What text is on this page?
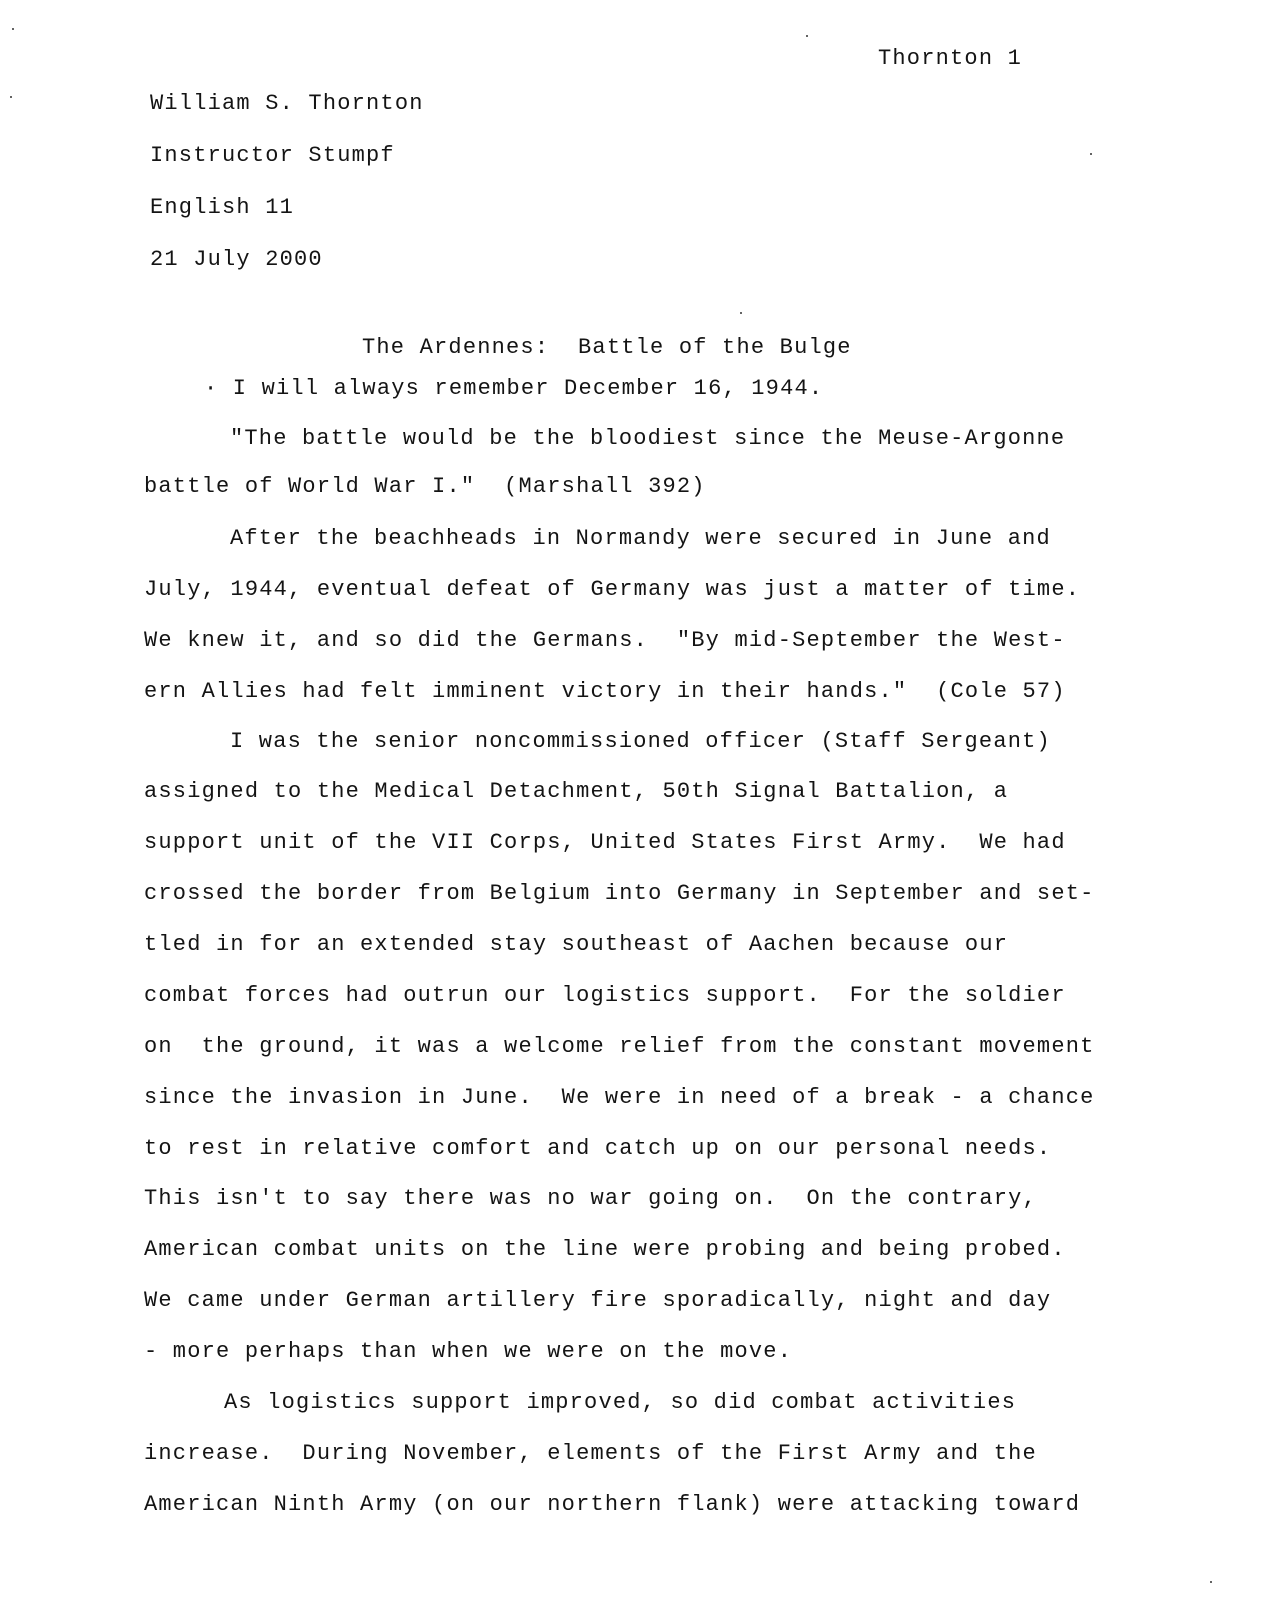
Thornton 1
William S. Thornton
Instructor Stumpf
English 11
21 July 2000
The Ardennes:  Battle of the Bulge
· I will always remember December 16, 1944.
"The battle would be the bloodiest since the Meuse-Argonne
battle of World War I."  (Marshall 392)
After the beachheads in Normandy were secured in June and
July, 1944, eventual defeat of Germany was just a matter of time.
We knew it, and so did the Germans.  "By mid-September the West-
ern Allies had felt imminent victory in their hands."  (Cole 57)
I was the senior noncommissioned officer (Staff Sergeant)
assigned to the Medical Detachment, 50th Signal Battalion, a
support unit of the VII Corps, United States First Army.  We had
crossed the border from Belgium into Germany in September and set-
tled in for an extended stay southeast of Aachen because our
combat forces had outrun our logistics support.  For the soldier
on  the ground, it was a welcome relief from the constant movement
since the invasion in June.  We were in need of a break - a chance
to rest in relative comfort and catch up on our personal needs.
This isn't to say there was no war going on.  On the contrary,
American combat units on the line were probing and being probed.
We came under German artillery fire sporadically, night and day
- more perhaps than when we were on the move.
As logistics support improved, so did combat activities
increase.  During November, elements of the First Army and the
American Ninth Army (on our northern flank) were attacking toward
